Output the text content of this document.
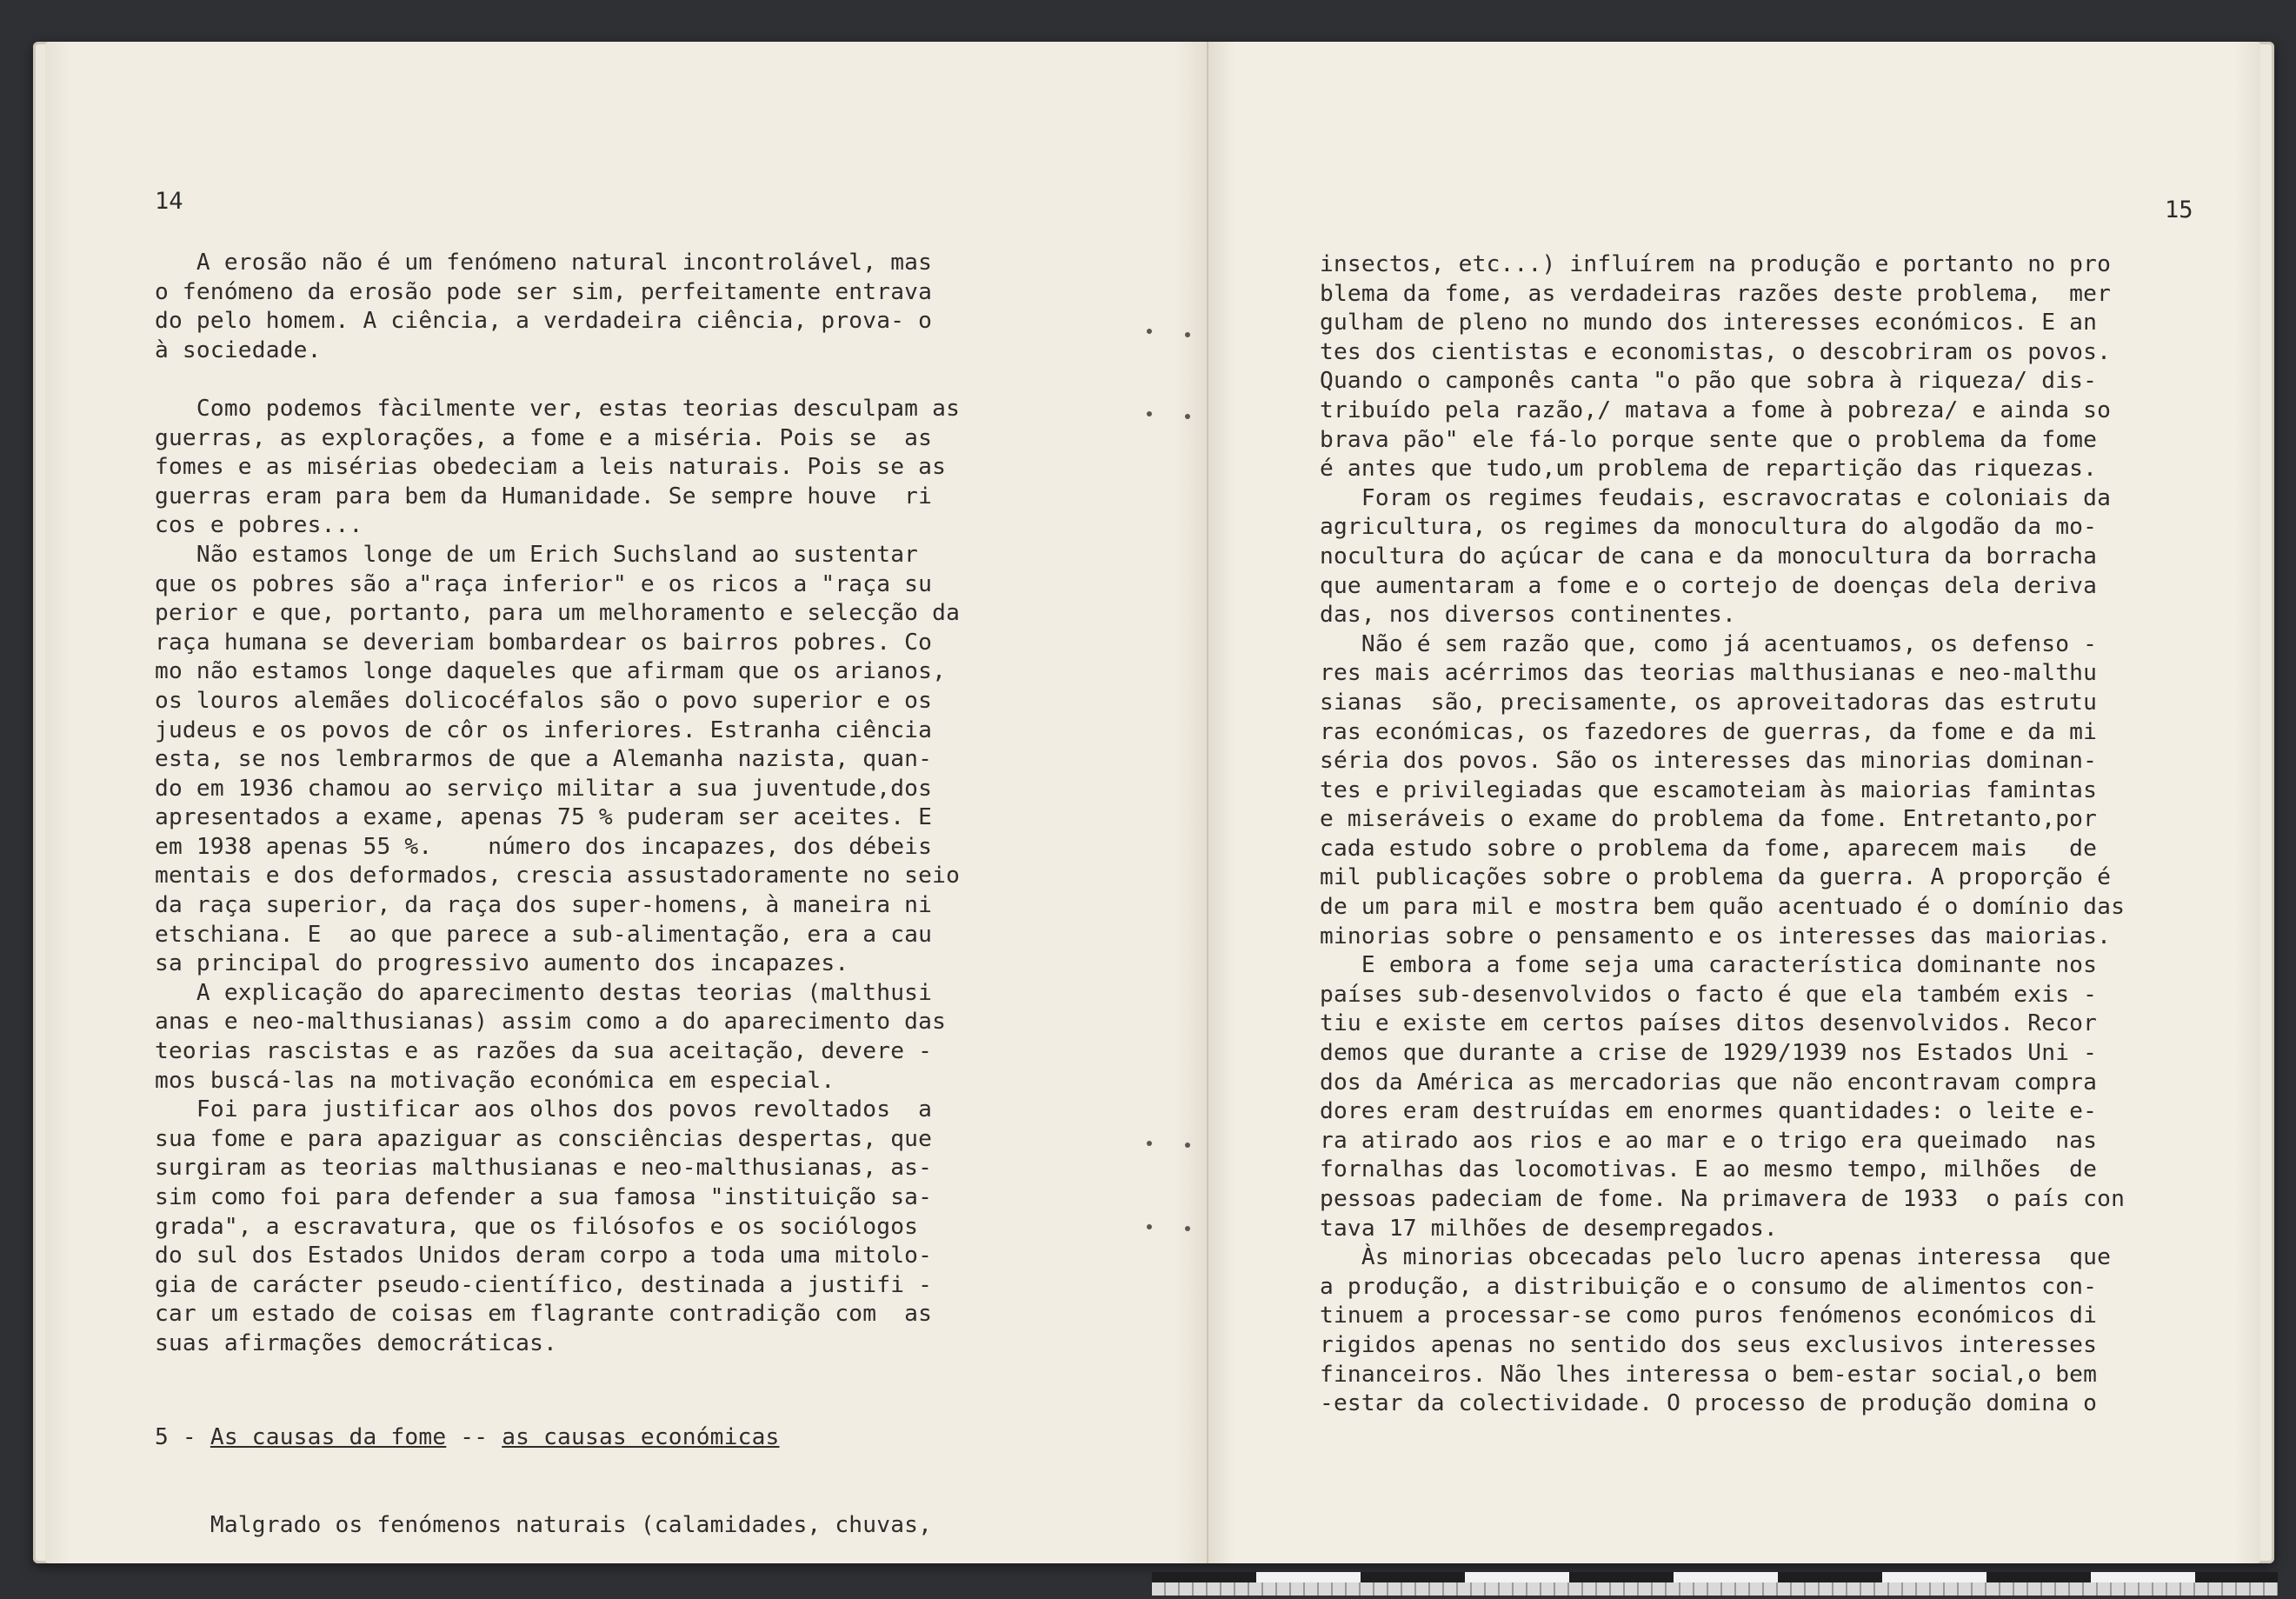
14
A erosão não é um fenómeno natural incontrolável, mas
o fenómeno da erosão pode ser sim, perfeitamente entrava
do pelo homem. A ciência, a verdadeira ciência, prova- o
à sociedade.
Como podemos fàcilmente ver, estas teorias desculpam as
guerras, as explorações, a fome e a miséria. Pois se  as
fomes e as misérias obedeciam a leis naturais. Pois se as
guerras eram para bem da Humanidade. Se sempre houve  ri
cos e pobres...
Não estamos longe de um Erich Suchsland ao sustentar
que os pobres são a"raça inferior" e os ricos a "raça su
perior e que, portanto, para um melhoramento e selecção da
raça humana se deveriam bombardear os bairros pobres. Co
mo não estamos longe daqueles que afirmam que os arianos,
os louros alemães dolicocéfalos são o povo superior e os
judeus e os povos de côr os inferiores. Estranha ciência
esta, se nos lembrarmos de que a Alemanha nazista, quan-
do em 1936 chamou ao serviço militar a sua juventude,dos
apresentados a exame, apenas 75 % puderam ser aceites. E
em 1938 apenas 55 %.    número dos incapazes, dos débeis
mentais e dos deformados, crescia assustadoramente no seio
da raça superior, da raça dos super-homens, à maneira ni
etschiana. E  ao que parece a sub-alimentação, era a cau
sa principal do progressivo aumento dos incapazes.
A explicação do aparecimento destas teorias (malthusi
anas e neo-malthusianas) assim como a do aparecimento das
teorias rascistas e as razões da sua aceitação, devere -
mos buscá-las na motivação económica em especial.
Foi para justificar aos olhos dos povos revoltados  a
sua fome e para apaziguar as consciências despertas, que
surgiram as teorias malthusianas e neo-malthusianas, as-
sim como foi para defender a sua famosa "instituição sa-
grada", a escravatura, que os filósofos e os sociólogos
do sul dos Estados Unidos deram corpo a toda uma mitolo-
gia de carácter pseudo-científico, destinada a justifi -
car um estado de coisas em flagrante contradição com  as
suas afirmações democráticas.

5 - As causas da fome -- as causas económicas

Malgrado os fenómenos naturais (calamidades, chuvas,

15
insectos, etc...) influírem na produção e portanto no pro
blema da fome, as verdadeiras razões deste problema,  mer
gulham de pleno no mundo dos interesses económicos. E an
tes dos cientistas e economistas, o descobriram os povos.
Quando o camponês canta "o pão que sobra à riqueza/ dis-
tribuído pela razão,/ matava a fome à pobreza/ e ainda so
brava pão" ele fá-lo porque sente que o problema da fome
é antes que tudo,um problema de repartição das riquezas.
Foram os regimes feudais, escravocratas e coloniais da
agricultura, os regimes da monocultura do algodão da mo-
nocultura do açúcar de cana e da monocultura da borracha
que aumentaram a fome e o cortejo de doenças dela deriva
das, nos diversos continentes.
Não é sem razão que, como já acentuamos, os defenso -
res mais acérrimos das teorias malthusianas e neo-malthu
sianas  são, precisamente, os aproveitadoras das estrutu
ras económicas, os fazedores de guerras, da fome e da mi
séria dos povos. São os interesses das minorias dominan-
tes e privilegiadas que escamoteiam às maiorias famintas
e miseráveis o exame do problema da fome. Entretanto,por
cada estudo sobre o problema da fome, aparecem mais   de
mil publicações sobre o problema da guerra. A proporção é
de um para mil e mostra bem quão acentuado é o domínio das
minorias sobre o pensamento e os interesses das maiorias.
E embora a fome seja uma característica dominante nos
países sub-desenvolvidos o facto é que ela também exis -
tiu e existe em certos países ditos desenvolvidos. Recor
demos que durante a crise de 1929/1939 nos Estados Uni -
dos da América as mercadorias que não encontravam compra
dores eram destruídas em enormes quantidades: o leite e-
ra atirado aos rios e ao mar e o trigo era queimado  nas
fornalhas das locomotivas. E ao mesmo tempo, milhões  de
pessoas padeciam de fome. Na primavera de 1933  o país con
tava 17 milhões de desempregados.
Às minorias obcecadas pelo lucro apenas interessa  que
a produção, a distribuição e o consumo de alimentos con-
tinuem a processar-se como puros fenómenos económicos di
rigidos apenas no sentido dos seus exclusivos interesses
financeiros. Não lhes interessa o bem-estar social,o bem
-estar da colectividade. O processo de produção domina o
